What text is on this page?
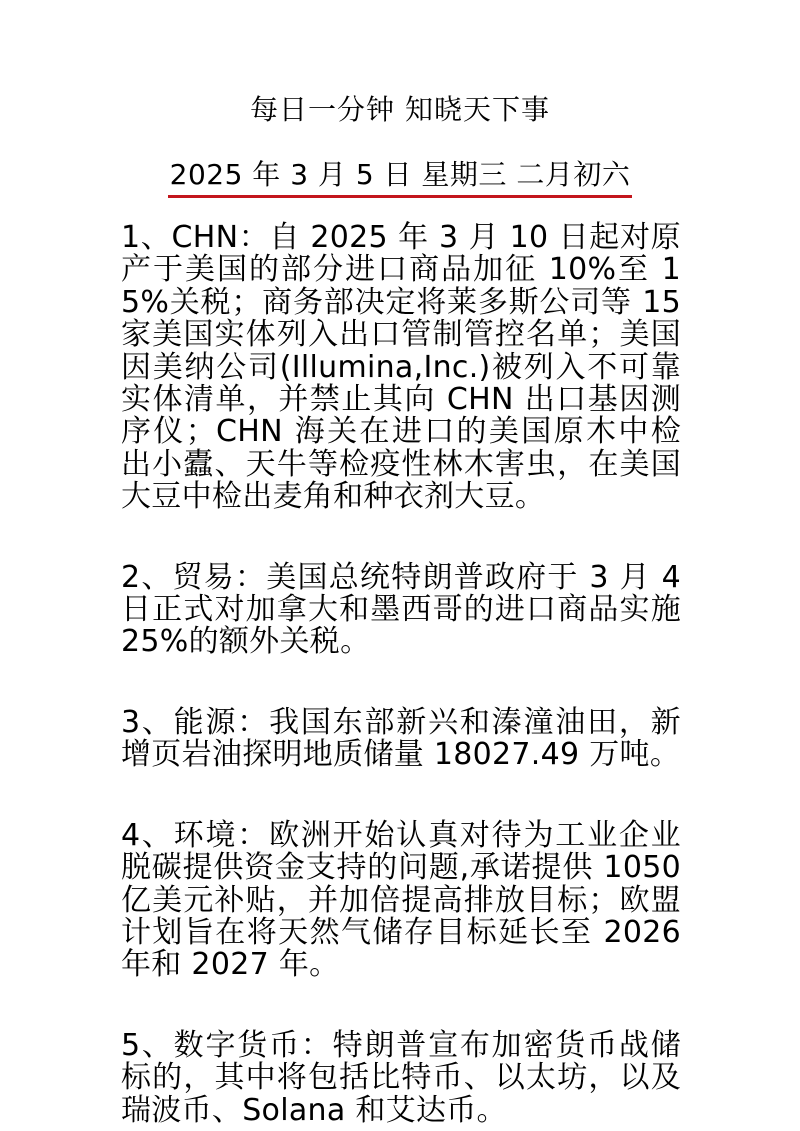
每日一分钟 知晓天下事
2025 年 3 月 5 日 星期三 二月初六

1、CHN：自 2025 年 3 月 10 日起对原产于美国的部分进口商品加征 10%至 15%关税；商务部决定将莱多斯公司等 15 家美国实体列入出口管制管控名单；美国因美纳公司(Illumina,Inc.)被列入不可靠实体清单，并禁止其向 CHN 出口基因测序仪；CHN 海关在进口的美国原木中检出小蠹、天牛等检疫性林木害虫，在美国大豆中检出麦角和种衣剂大豆。

2、贸易：美国总统特朗普政府于 3 月 4 日正式对加拿大和墨西哥的进口商品实施 25%的额外关税。

3、能源：我国东部新兴和溱潼油田，新增页岩油探明地质储量 18027.49 万吨。

4、环境：欧洲开始认真对待为工业企业脱碳提供资金支持的问题,承诺提供 1050 亿美元补贴，并加倍提高排放目标；欧盟计划旨在将天然气储存目标延长至 2026 年和 2027 年。

5、数字货币：特朗普宣布加密货币战储标的，其中将包括比特币、以太坊，以及瑞波币、Solana 和艾达币。
